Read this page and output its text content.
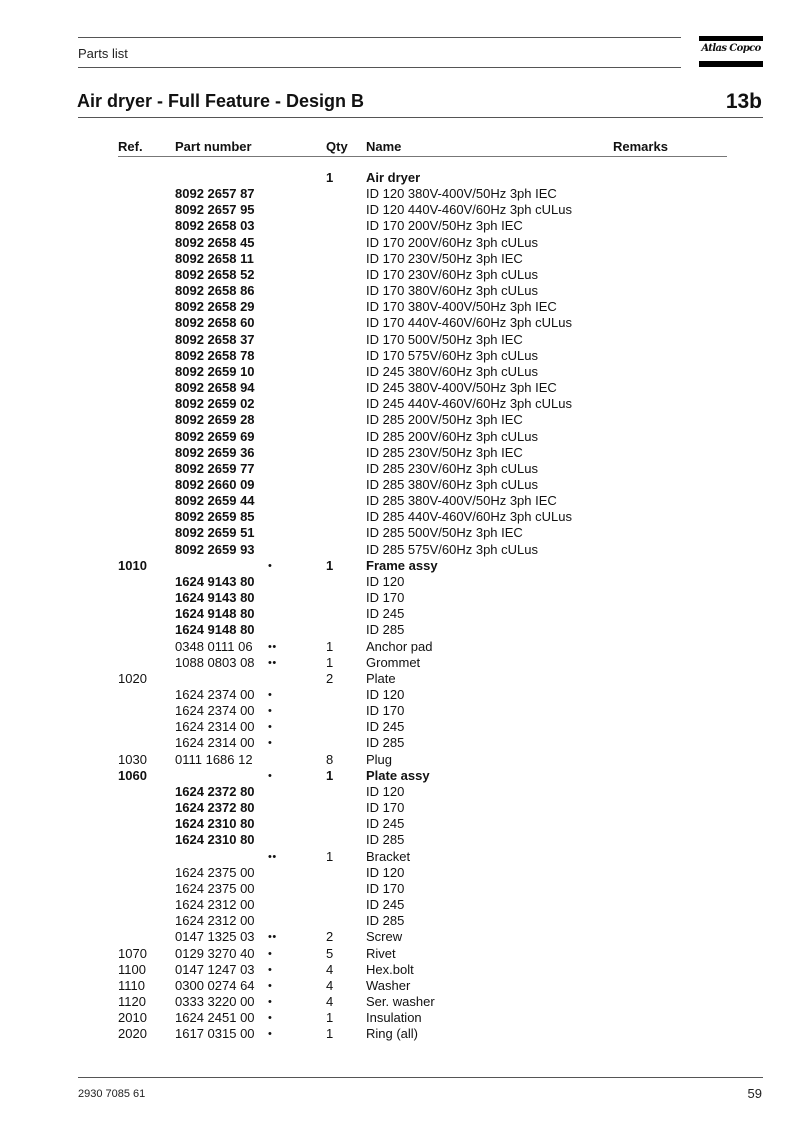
Parts list	Atlas Copco
Air dryer - Full Feature - Design B	13b
Ref. Part number	Qty Name	Remarks
1	Air dryer
8092 2657 87	ID 120 380V-400V/50Hz 3ph IEC
8092 2657 95	ID 120 440V-460V/60Hz 3ph cULus
8092 2658 03	ID 170 200V/50Hz 3ph IEC
8092 2658 45	ID 170 200V/60Hz 3ph cULus
8092 2658 11	ID 170 230V/50Hz 3ph IEC
8092 2658 52	ID 170 230V/60Hz 3ph cULus
8092 2658 86	ID 170 380V/60Hz 3ph cULus
8092 2658 29	ID 170 380V-400V/50Hz 3ph IEC
8092 2658 60	ID 170 440V-460V/60Hz 3ph cULus
8092 2658 37	ID 170 500V/50Hz 3ph IEC
8092 2658 78	ID 170 575V/60Hz 3ph cULus
8092 2659 10	ID 245 380V/60Hz 3ph cULus
8092 2658 94	ID 245 380V-400V/50Hz 3ph IEC
8092 2659 02	ID 245 440V-460V/60Hz 3ph cULus
8092 2659 28	ID 285 200V/50Hz 3ph IEC
8092 2659 69	ID 285 200V/60Hz 3ph cULus
8092 2659 36	ID 285 230V/50Hz 3ph IEC
8092 2659 77	ID 285 230V/60Hz 3ph cULus
8092 2660 09	ID 285 380V/60Hz 3ph cULus
8092 2659 44	ID 285 380V-400V/50Hz 3ph IEC
8092 2659 85	ID 285 440V-460V/60Hz 3ph cULus
8092 2659 51	ID 285 500V/50Hz 3ph IEC
8092 2659 93	ID 285 575V/60Hz 3ph cULus
1010	•	1	Frame assy
1624 9143 80	ID 120
1624 9143 80	ID 170
1624 9148 80	ID 245
1624 9148 80	ID 285
0348 0111 06 ••	1	Anchor pad
1088 0803 08 ••	1	Grommet
1020	2	Plate
1624 2374 00 •	ID 120
1624 2374 00 •	ID 170
1624 2314 00 •	ID 245
1624 2314 00 •	ID 285
1030 0111 1686 12	8	Plug
1060	•	1	Plate assy
1624 2372 80	ID 120
1624 2372 80	ID 170
1624 2310 80	ID 245
1624 2310 80	ID 285
••	1	Bracket
1624 2375 00	ID 120
1624 2375 00	ID 170
1624 2312 00	ID 245
1624 2312 00	ID 285
0147 1325 03 ••	2	Screw
1070 0129 3270 40 •	5	Rivet
1100 0147 1247 03 •	4	Hex.bolt
1110 0300 0274 64 •	4	Washer
1120 0333 3220 00 •	4	Ser. washer
2010 1624 2451 00 •	1	Insulation
2020 1617 0315 00 •	1	Ring (all)
2930 7085 61	59
